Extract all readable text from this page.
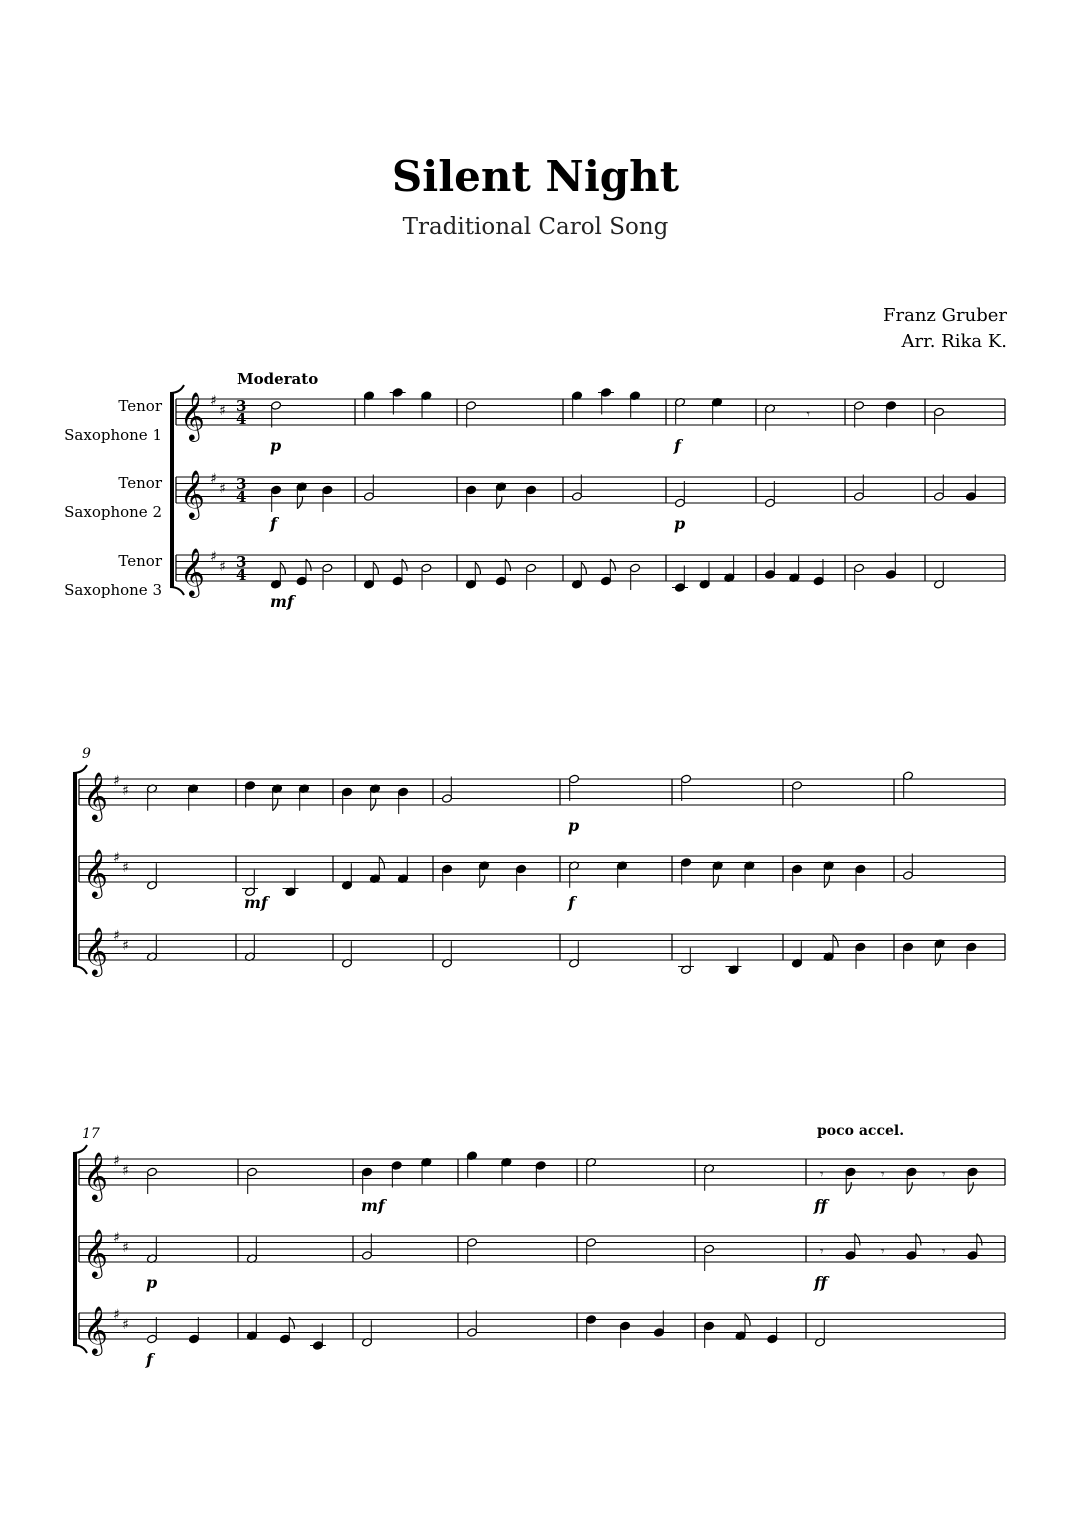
Silent Night
Traditional Carol Song
Franz Gruber
Arr. Rika K.
Tenor
Saxophone 1
Tenor
Saxophone 2
Tenor
Saxophone 3
𝄞 ♯
♯ 3
4	𝄾
𝄞 ♯
♯ 3
4
𝄞 ♯
♯ 3
4
p	f
f	p
mf
𝄞 ♯
♯
𝄞 ♯
♯
𝄞 ♯
♯
p
mf	f
𝄞 ♯
♯	𝄾	𝄾	𝄾
𝄞 ♯
♯	𝄾	𝄾	𝄾
𝄞 ♯
♯
mf	ff
p	ff
f
Moderato
poco accel.
9
17
